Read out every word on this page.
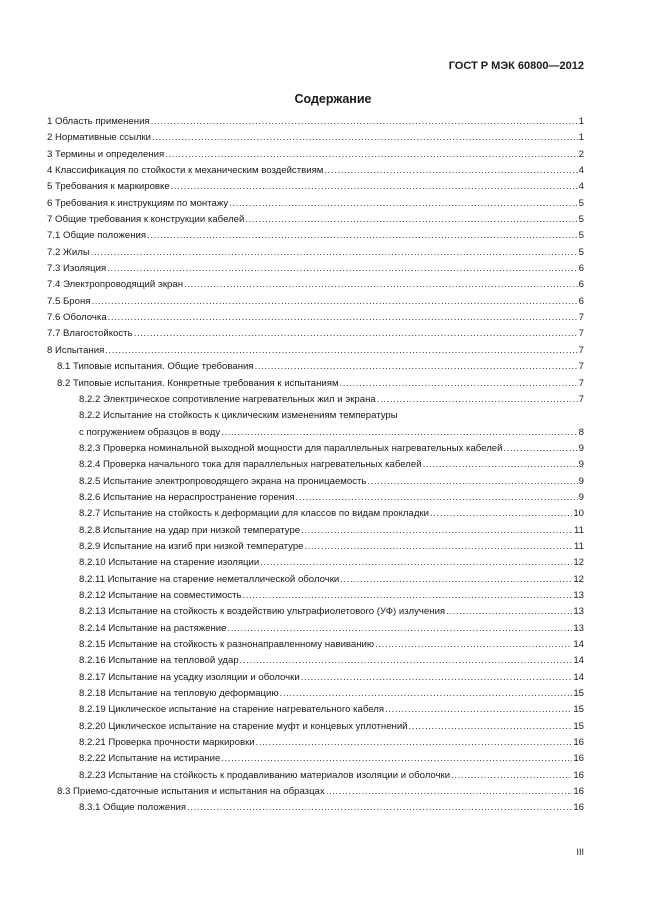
ГОСТ Р МЭК 60800—2012
Содержание
1 Область применения .....	1
2 Нормативные ссылки .....	1
3 Термины и определения .....	2
4 Классификация по стойкости к механическим воздействиям .....	4
5 Требования к маркировке .....	4
6 Требования к инструкциям по монтажу .....	5
7 Общие требования к конструкции кабелей .....	5
7.1 Общие положения .....	5
7.2 Жилы .....	5
7.3 Изоляция .....	6
7.4 Электропроводящий экран .....	6
7.5 Броня .....	6
7.6 Оболочка .....	7
7.7 Влагостойкость .....	7
8 Испытания .....	7
8.1 Типовые испытания. Общие требования .....	7
8.2 Типовые испытания. Конкретные требования к испытаниям .....	7
8.2.2 Электрическое сопротивление нагревательных жил и экрана .....	7
8.2.2 Испытание на стойкость к циклическим изменениям температуры
с погружением образцов в воду .....	8
8.2.3 Проверка номинальной выходной мощности для параллельных нагревательных кабелей .....	9
8.2.4 Проверка начального тока для параллельных нагревательных кабелей .....	9
8.2.5 Испытание электропроводящего экрана на проницаемость .....	9
8.2.6 Испытание на нераспространение горения .....	9
8.2.7 Испытание на стойкость к деформации для классов по видам прокладки .....	10
8.2.8 Испытание на удар при низкой температуре .....	11
8.2.9 Испытание на изгиб при низкой температуре .....	11
8.2.10 Испытание на старение изоляции .....	12
8.2.11 Испытание на старение неметаллической оболочки .....	12
8.2.12 Испытание на совместимость .....	13
8.2.13 Испытание на стойкость к воздействию ультрафиолетового (УФ) излучения .....	13
8.2.14 Испытание на растяжение .....	13
8.2.15 Испытание на стойкость к разнонаправленному навиванию .....	14
8.2.16 Испытание на тепловой удар .....	14
8.2.17 Испытание на усадку изоляции и оболочки .....	14
8.2.18 Испытание на тепловую деформацию .....	15
8.2.19 Циклическое испытание на старение нагревательного кабеля .....	15
8.2.20 Циклическое испытание на старение муфт и концевых уплотнений .....	15
8.2.21 Проверка прочности маркировки .....	16
8.2.22 Испытание на истирание .....	16
8.2.23 Испытание на стойкость к продавливанию материалов изоляции и оболочки .....	16
8.3 Приемо-сдаточные испытания и испытания на образцах .....	16
8.3.1 Общие положения .....	16
III
